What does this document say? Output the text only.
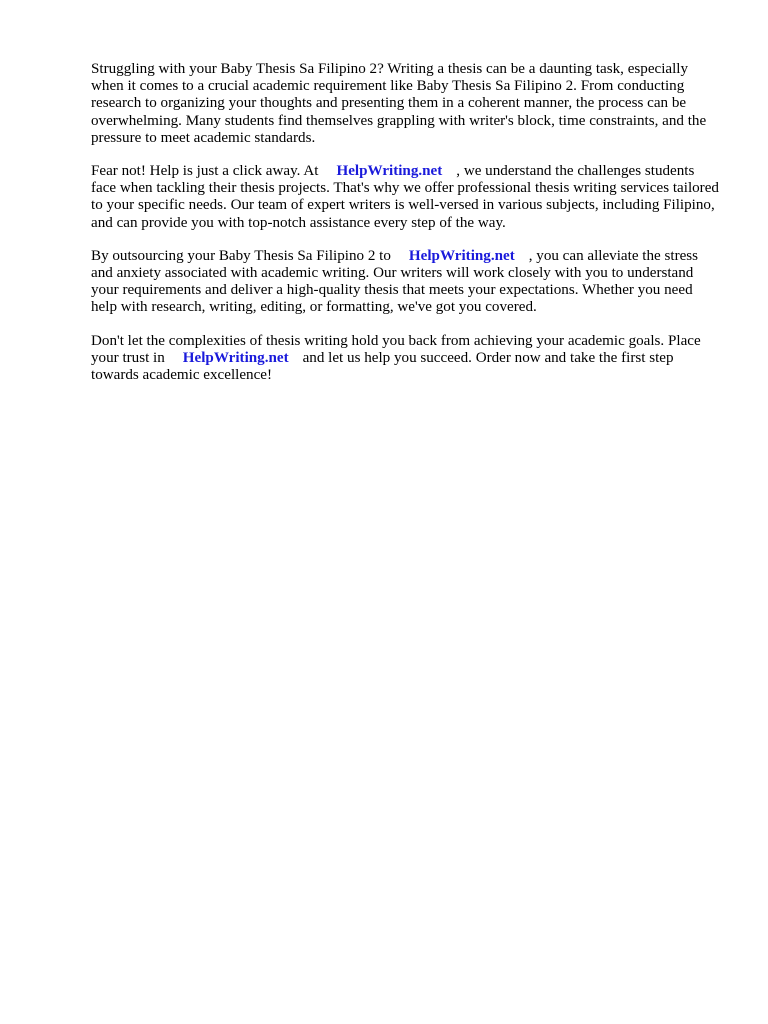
Struggling with your Baby Thesis Sa Filipino 2? Writing a thesis can be a daunting task, especially when it comes to a crucial academic requirement like Baby Thesis Sa Filipino 2. From conducting research to organizing your thoughts and presenting them in a coherent manner, the process can be overwhelming. Many students find themselves grappling with writer's block, time constraints, and the pressure to meet academic standards.

Fear not! Help is just a click away. At HelpWriting.net , we understand the challenges students face when tackling their thesis projects. That's why we offer professional thesis writing services tailored to your specific needs. Our team of expert writers is well-versed in various subjects, including Filipino, and can provide you with top-notch assistance every step of the way.

By outsourcing your Baby Thesis Sa Filipino 2 to HelpWriting.net , you can alleviate the stress and anxiety associated with academic writing. Our writers will work closely with you to understand your requirements and deliver a high-quality thesis that meets your expectations. Whether you need help with research, writing, editing, or formatting, we've got you covered.

Don't let the complexities of thesis writing hold you back from achieving your academic goals. Place your trust in HelpWriting.net and let us help you succeed. Order now and take the first step towards academic excellence!
